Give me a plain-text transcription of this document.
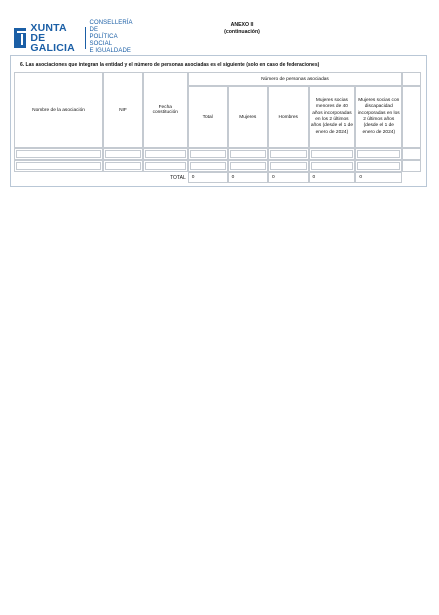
XUNTA
DE GALICIA
CONSELLERÍA DE
POLÍTICA SOCIAL
E IGUALDADE
ANEXO II
(continuación)
6. Las asociaciones que integran la entidad y el número de personas asociadas es el siguiente (solo en caso de federaciones)
Nombre de la asociación	NIF	Fecha constitución	Número de personas asociadas					
			Total	Mujeres	Hombres	Mujeres socias menores de 40 años incorporadas en los 2 últimos años (desde el 1 de enero de 2024)	Mujeres socias con discapacidad incorporadas en los 2 últimos años (desde el 1 de enero de 2024)	

TOTAL			0	0	0	0	0	
